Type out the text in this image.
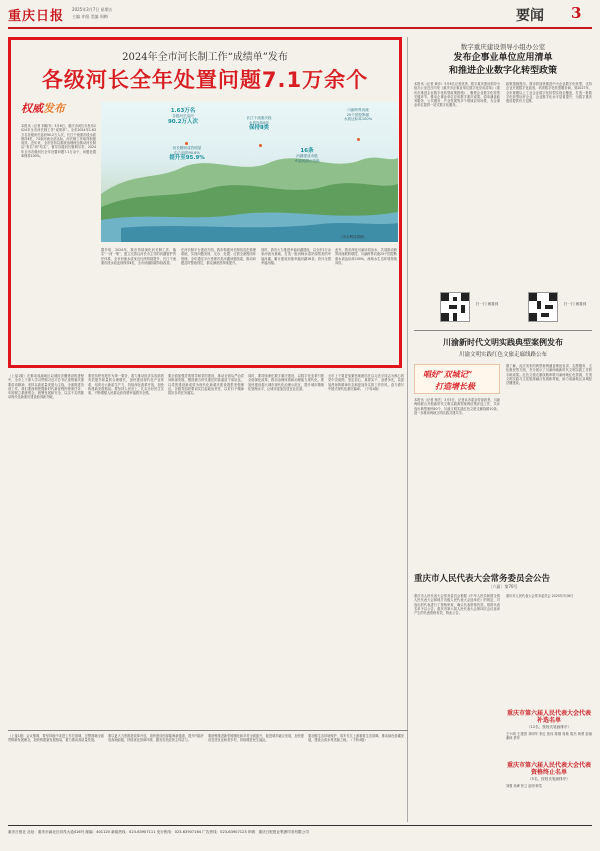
重庆日报 2025年3月7日 星期五
主编 许阳 美编 周梅	要闻 3
2024年全市河长制工作“成绩单”发布
各级河长全年处置问题7.1万余个
权威发布
本报讯（记者 刘翰书）3月6日，重庆市河长办发布2024年全市河长制工作“成绩单”。全市2024年1.63万名各级河长巡河90.2万人次，长江干流重庆段水质保持Ⅱ类，74条河流全部达标，河长制工作取得积极成效。近年来，全市坚持以系统治理理念推动河长制从“有名”到“有实”，督导各级河长履职尽责，2024年全市各级河长全年处置问题7.1万余个，问题处置率保持100%。
1.63万名
各级河长巡河
90.2万人次
长江干流重庆段
水质连续8年
保持Ⅱ类
川渝跨界河流
25个国控断面
水质达标率100%
河长履职成效明显
由之前的90.6%
提升至95.9%
16条
河湖建成市级
幸福河湖示范段
（市水利局供图）
据介绍，2024年，我市持续深化河长制工作，落实“一河一策”，建立完善以河长为主导的河湖管护责任体系，全市河流水质优良比例持续提升，长江干流重庆段水质连续保持Ⅱ类，全市河湖面貌持续改善。
在河长制平台建设方面，我市构建河长制信息化管理系统，实现问题发现、交办、处置、反馈全流程闭环管理，全年通过平台受理各类河湖问题线索，推动问题及时整改到位，群众满意度持续提升。
同时，我市大力推进幸福河湖建设，以全市2万余条河流为基础，打造一批河畅水清岸绿景美的幸福河湖，累计建成市级幸福河湖16条，获评全国幸福河湖。
此外，我市深化川渝协同治水，共同推动跨界河流联防联控，川渝跨界河流25个国控断面水质达标率100%，流域水生态环境持续向好。
数字重庆建设领导小组办公室
发布企事业单位应用清单
和推进企业数字化转型政策
本报讯（记者 黄乔）3月6日记者获悉，数字重庆建设领导小组办公室近日印发《重庆市企事业单位数字化应用清单》《重庆市推进企业数字化转型政策措施》，聚焦企业数字化转型关键环节，推动企事业单位应用数字重庆成果。清单涵盖政务服务、公共服务、产业发展等多个领域应用场景，为企事业单位提供一站式数字化服务。
政策措施提出，我市将加快推进中小企业数字化转型，支持企业开展数字化改造，培育数字化转型服务商，到2027年，全市规模以上工业企业数字化转型实现全覆盖，打造一批数字化转型标杆企业，企业数字化水平显著提升，为数字重庆建设提供有力支撑。
扫一扫 就看到	扫一扫 就看到
川渝新时代文明实践典型案例发布
川渝文明实践红色文旅走廊线路公布
唱好“双城记”
打造增长极
本报讯（记者 杨艺）3月5日，记者从市委宣传部获悉，川渝两地联合开展新时代文明实践典型案例征集评选工作，共评选出典型案例40个，川渝文明实践红色文旅走廊线路10条，进一步推动两地文明实践共建共享。
据了解，此次发布的典型案例涵盖理论宣讲、志愿服务、文化惠民等方面，充分展示了川渝两地新时代文明实践工作的丰硕成果。红色文旅走廊线路串联川渝两地红色资源，打造文明实践与文化旅游融合发展新样板，助力成渝地区双城经济圈建设。
重庆市人民代表大会常务委员会公告
〔六届〕第70号
重庆市人民代表大会常务委员会根据《中华人民共和国全国人民代表大会和地方各级人民代表大会选举法》的规定，对选出的代表进行了资格审查，确认代表资格有效。现将代表名单予以公告。重庆市第六届人民代表大会第四次会议选举产生的代表资格有效，特此公告。
重庆市人民代表大会常务委员会 2025年3月6日
重庆市第六届人民代表大会代表补选名单
（12名，按姓氏笔画排序）
王小明 王建国 刘明华 李红 张伟 陈刚 周敏 胡杰 黄勇 彭丽 谢林 蔡军
重庆市第六届人民代表大会代表资格终止名单
（5名，按姓氏笔画排序）
刘强 吴峰 张立 赵明 韩雪
（上接1版）在推动成渝地区双城经济圈建设的进程中，全市上下深入学习贯彻习近平总书记视察重庆重要讲话精神，坚持以高质量发展为主线，全面推进各项工作。我们要深刻把握新时代新征程的使命任务，牢固树立系统观念，统筹发展和安全，以实干实绩推动现代化新重庆建设取得新突破。
要坚持把发展作为第一要务，着力推动经济实现质的有效提升和量的合理增长，加快建设现代化产业体系，培育壮大新质生产力，持续深化改革开放，加快构建新发展格局。要坚持人民至上，扎实办好民生实事，不断增强人民群众获得感幸福感安全感。
要全面加强党的领导和党的建设，推动全面从严治党向纵深发展，锻造堪当时代重任的高素质干部队伍，以党的建设新成效为现代化新重庆建设提供坚强保证。各级党组织要切实扛起政治责任，以钉钉子精神抓好各项任务落实。
同时，要持续深化数字重庆建设，以数字化变革引领全面深化改革，推动治理体系和治理能力现代化。要加快建设超大城市现代化治理示范区，提升城市精细化管理水平，让城市更加宜居宜业宜游。
全市上下要更加紧密地团结在以习近平同志为核心的党中央周围，坚定信心、真抓实干、奋勇争先，以更加昂扬的精神状态和更加务实的工作作风，奋力谱写中国式现代化重庆篇章。（下转4版）
（上接1版）会议强调，要坚持稳中求进工作总基调，完整准确全面贯彻新发展理念，加快构建新发展格局，着力推动高质量发展。
要以更大力度推进改革开放，加快建设西部陆海新通道，提升内陆开放高地能级，持续优化营商环境，激发各类经营主体活力。
要统筹推进新型城镇化和乡村全面振兴，促进城乡融合发展，加快建设宜居宜业和美乡村，持续增进民生福祉。
要加强生态环境保护，筑牢长江上游重要生态屏障，推动绿色低碳发展，建设山清水秀美丽之地。（下转4版）
重庆日报社 社址：重庆市渝北区同茂大道416号 邮编：401120 新闻热线：023-63907111 发行热线：023-63907164 广告热线：023-63907123 印刷：重庆日报报业集团印务有限公司
